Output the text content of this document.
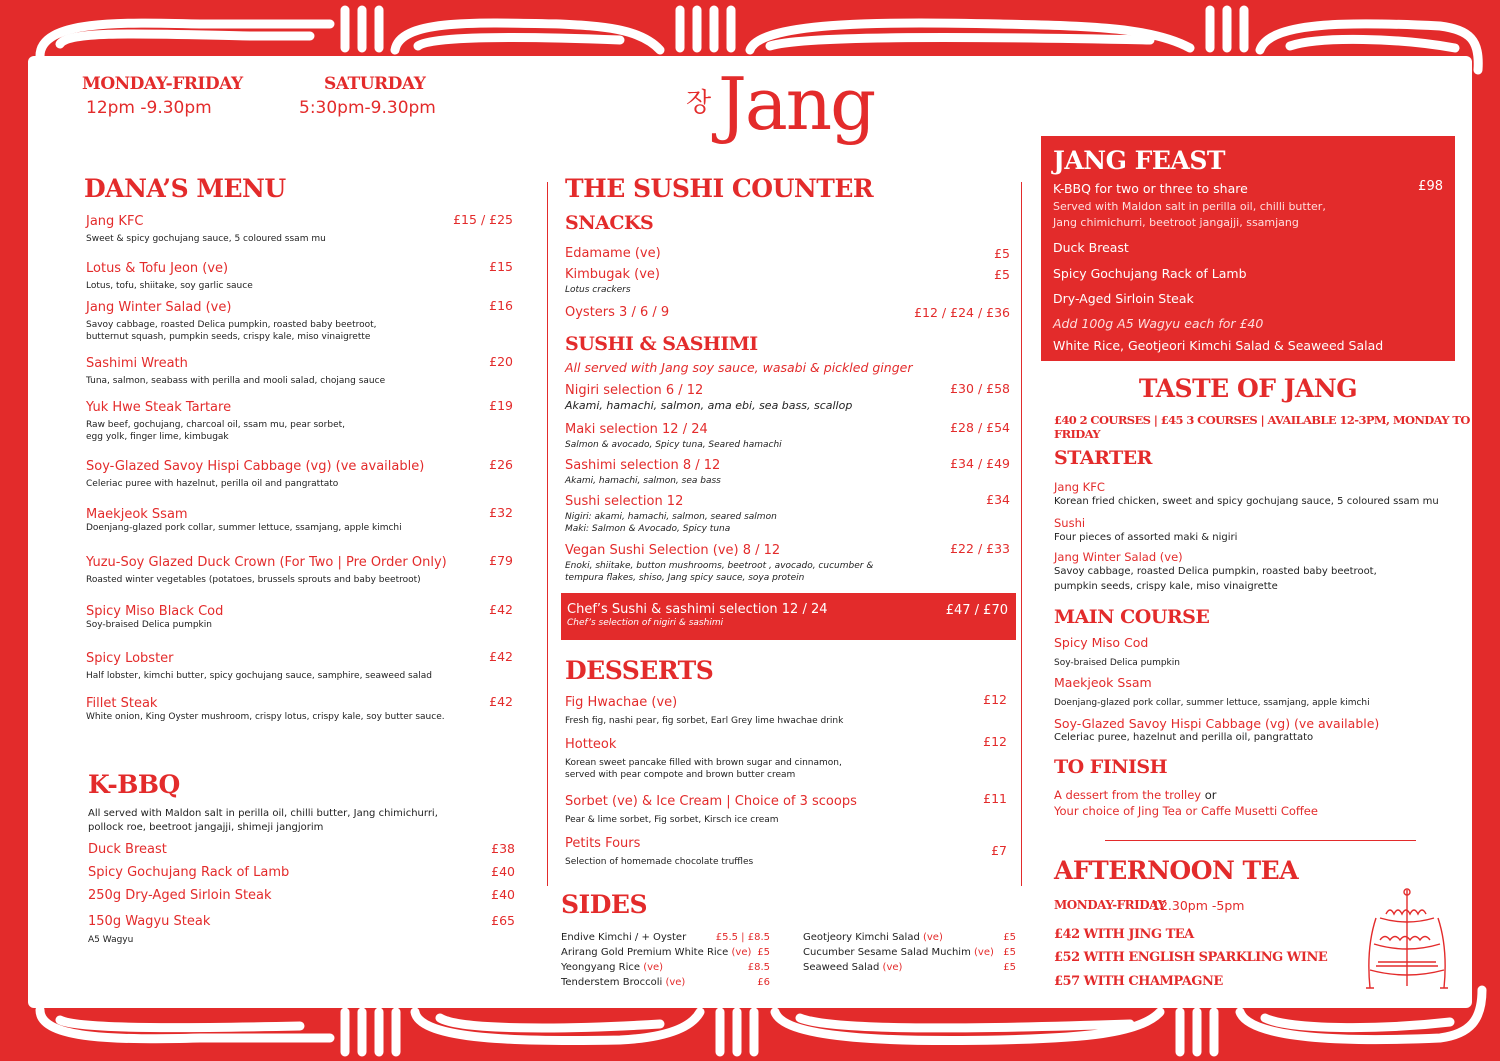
MONDAY-FRIDAY
12pm -9.30pm
SATURDAY
5:30pm-9.30pm	장 Jang
DANA’S MENU
Jang KFC	£15 / £25
Sweet & spicy gochujang sauce, 5 coloured ssam mu
Lotus & Tofu Jeon (ve)	£15
Lotus, tofu, shiitake, soy garlic sauce
Jang Winter Salad (ve)	£16
Savoy cabbage, roasted Delica pumpkin, roasted baby beetroot,
butternut squash, pumpkin seeds, crispy kale, miso vinaigrette
Sashimi Wreath	£20
Tuna, salmon, seabass with perilla and mooli salad, chojang sauce
Yuk Hwe Steak Tartare	£19
Raw beef, gochujang, charcoal oil, ssam mu, pear sorbet,
egg yolk, finger lime, kimbugak
Soy-Glazed Savoy Hispi Cabbage (vg) (ve available)	£26
Celeriac puree with hazelnut, perilla oil and pangrattato
Maekjeok Ssam	£32
Doenjang-glazed pork collar, summer lettuce, ssamjang, apple kimchi
Yuzu-Soy Glazed Duck Crown (For Two | Pre Order Only)	£79
Roasted winter vegetables (potatoes, brussels sprouts and baby beetroot)
Spicy Miso Black Cod	£42
Soy-braised Delica pumpkin
Spicy Lobster	£42
Half lobster, kimchi butter, spicy gochujang sauce, samphire, seaweed salad
Fillet Steak	£42
White onion, King Oyster mushroom, crispy lotus, crispy kale, soy butter sauce.
K-BBQ
All served with Maldon salt in perilla oil, chilli butter, Jang chimichurri,
pollock roe, beetroot jangajji, shimeji jangjorim
Duck Breast	£38
Spicy Gochujang Rack of Lamb	£40
250g Dry-Aged Sirloin Steak	£40
150g Wagyu Steak	£65
A5 Wagyu
THE SUSHI COUNTER
SNACKS
Edamame (ve)	£5
Kimbugak (ve)	£5
Lotus crackers
Oysters 3 / 6 / 9	£12 / £24 / £36
SUSHI & SASHIMI
All served with Jang soy sauce, wasabi & pickled ginger
Nigiri selection 6 / 12	£30 / £58
Akami, hamachi, salmon, ama ebi, sea bass, scallop
Maki selection 12 / 24	£28 / £54
Salmon & avocado, Spicy tuna, Seared hamachi
Sashimi selection 8 / 12	£34 / £49
Akami, hamachi, salmon, sea bass
Sushi selection 12	£34
Nigiri: akami, hamachi, salmon, seared salmon
Maki: Salmon & Avocado, Spicy tuna
Vegan Sushi Selection (ve) 8 / 12	£22 / £33
Enoki, shiitake, button mushrooms, beetroot , avocado, cucumber &
tempura flakes, shiso, Jang spicy sauce, soya protein
Chef’s Sushi & sashimi selection 12 / 24
Chef’s selection of nigiri & sashimi
£47 / £70
DESSERTS
Fig Hwachae (ve)	£12
Fresh fig, nashi pear, fig sorbet, Earl Grey lime hwachae drink
Hotteok	£12
Korean sweet pancake filled with brown sugar and cinnamon,
served with pear compote and brown butter cream
Sorbet (ve) & Ice Cream | Choice of 3 scoops	£11
Pear & lime sorbet, Fig sorbet, Kirsch ice cream
Petits Fours	£7
Selection of homemade chocolate truffles
SIDES
Endive Kimchi / + Oyster	£5.5 | £8.5
Arirang Gold Premium White Rice (ve) £5
Yeongyang Rice (ve)	£8.5
Tenderstem Broccoli (ve)	£6
Geotjeory Kimchi Salad (ve)	£5
Cucumber Sesame Salad Muchim (ve) £5
Seaweed Salad (ve)	£5
JANG FEAST
K-BBQ for two or three to share	£98
Served with Maldon salt in perilla oil, chilli butter,
Jang chimichurri, beetroot jangajji, ssamjang
Duck Breast
Spicy Gochujang Rack of Lamb
Dry-Aged Sirloin Steak
Add 100g A5 Wagyu each for £40
White Rice, Geotjeori Kimchi Salad & Seaweed Salad
TASTE OF JANG
£40 2 COURSES | £45 3 COURSES | AVAILABLE 12-3PM, MONDAY TO FRIDAY
STARTER
Jang KFC
Korean fried chicken, sweet and spicy gochujang sauce, 5 coloured ssam mu
Sushi
Four pieces of assorted maki & nigiri
Jang Winter Salad (ve)
Savoy cabbage, roasted Delica pumpkin, roasted baby beetroot,
pumpkin seeds, crispy kale, miso vinaigrette
MAIN COURSE
Spicy Miso Cod
Soy-braised Delica pumpkin
Maekjeok Ssam
Doenjang-glazed pork collar, summer lettuce, ssamjang, apple kimchi
Soy-Glazed Savoy Hispi Cabbage (vg) (ve available)
Celeriac puree, hazelnut and perilla oil, pangrattato
TO FINISH
A dessert from the trolley or
Your choice of Jing Tea or Caffe Musetti Coffee
AFTERNOON TEA
MONDAY-FRIDAY
12.30pm -5pm
£42 WITH JING TEA
£52 WITH ENGLISH SPARKLING WINE
£57 WITH CHAMPAGNE
